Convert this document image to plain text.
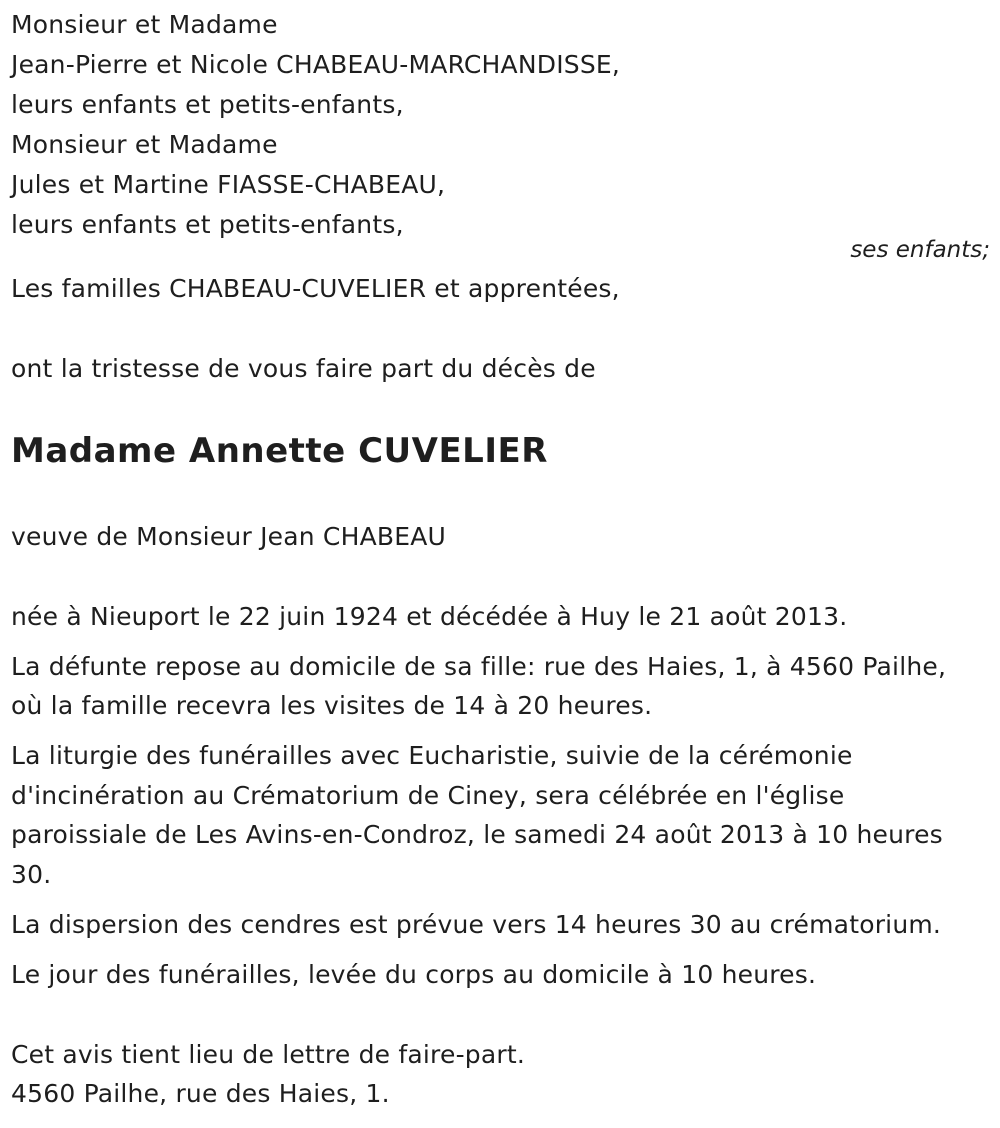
Monsieur et Madame
Jean-Pierre et Nicole CHABEAU-MARCHANDISSE,
leurs enfants et petits-enfants,
Monsieur et Madame
Jules et Martine FIASSE-CHABEAU,
leurs enfants et petits-enfants,
ses enfants;
Les familles CHABEAU-CUVELIER et apprentées,
ont la tristesse de vous faire part du décès de
Madame Annette CUVELIER
veuve de Monsieur Jean CHABEAU
née à Nieuport le 22 juin 1924 et décédée à Huy le 21 août 2013.
La défunte repose au domicile de sa fille: rue des Haies, 1, à 4560 Pailhe,
où la famille recevra les visites de 14 à 20 heures.
La liturgie des funérailles avec Eucharistie, suivie de la cérémonie
d'incinération au Crématorium de Ciney, sera célébrée en l'église
paroissiale de Les Avins-en-Condroz, le samedi 24 août 2013 à 10 heures
30.
La dispersion des cendres est prévue vers 14 heures 30 au crématorium.
Le jour des funérailles, levée du corps au domicile à 10 heures.
Cet avis tient lieu de lettre de faire-part.
4560 Pailhe, rue des Haies, 1.
